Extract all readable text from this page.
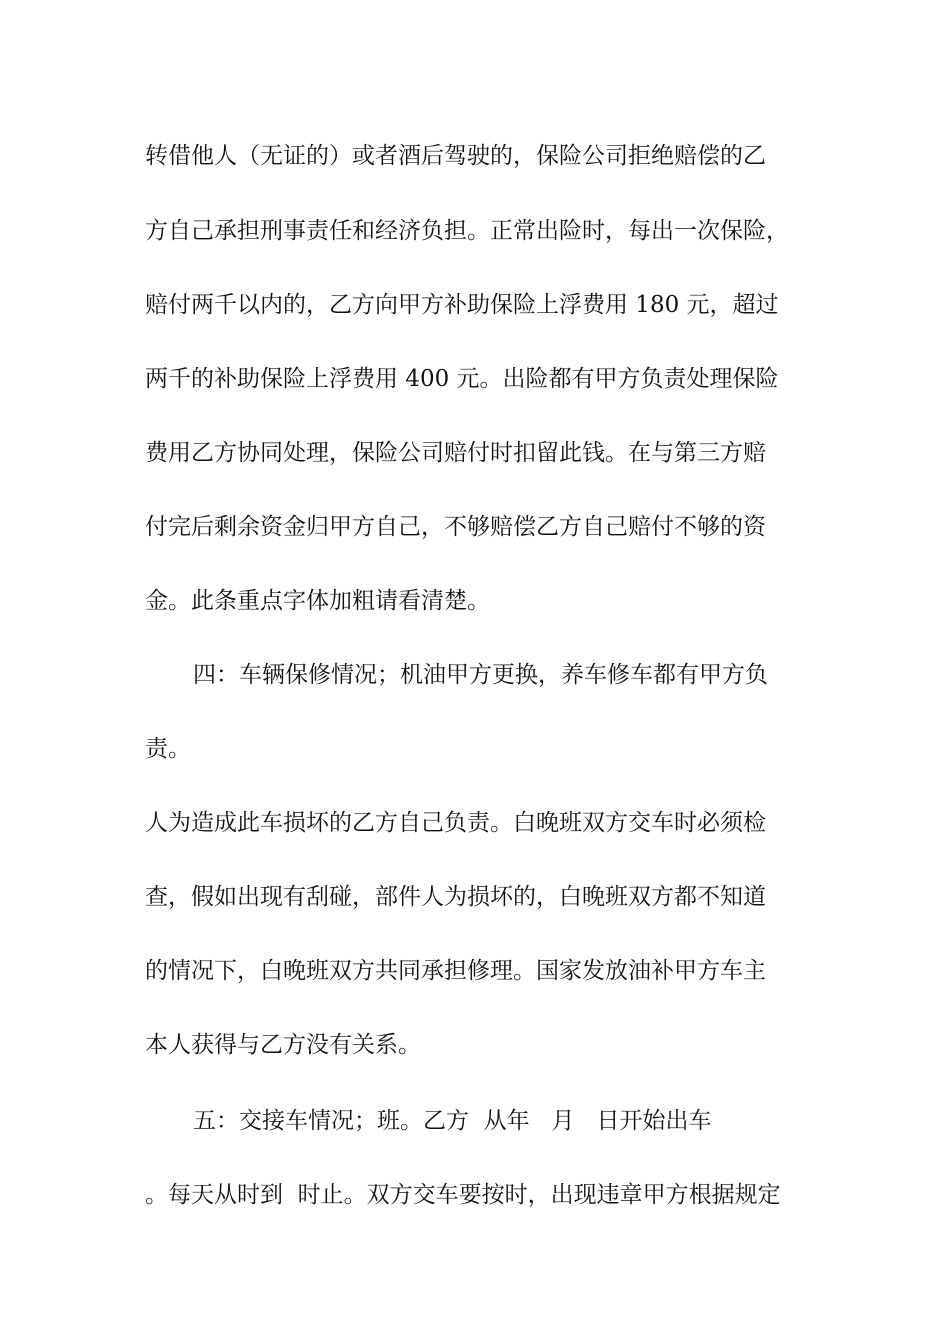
转借他人（无证的）或者酒后驾驶的，保险公司拒绝赔偿的乙
方自己承担刑事责任和经济负担。正常出险时，每出一次保险，
赔付两千以内的，乙方向甲方补助保险上浮费用 180 元，超过
两千的补助保险上浮费用 400 元。出险都有甲方负责处理保险
费用乙方协同处理，保险公司赔付时扣留此钱。在与第三方赔
付完后剩余资金归甲方自己，不够赔偿乙方自己赔付不够的资
金。此条重点字体加粗请看清楚。
四：车辆保修情况；机油甲方更换，养车修车都有甲方负
责。
人为造成此车损坏的乙方自己负责。白晚班双方交车时必须检
查，假如出现有刮碰，部件人为损坏的，白晚班双方都不知道
的情况下，白晚班双方共同承担修理。国家发放油补甲方车主
本人获得与乙方没有关系。
五：交接车情况；班。乙方  从年   月   日开始出车
。每天从时到  时止。双方交车要按时，出现违章甲方根据规定
